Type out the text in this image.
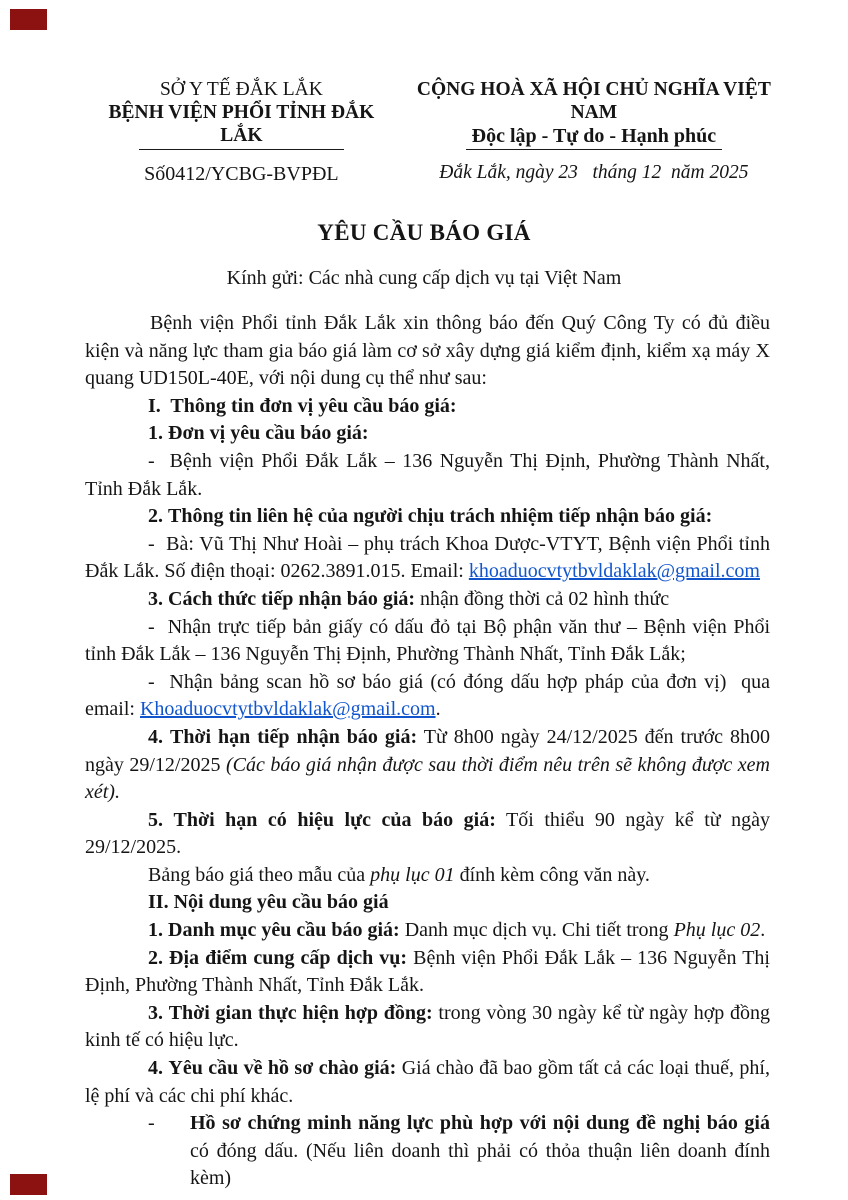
SỞ Y TẾ ĐẮK LẮK
BỆNH VIỆN PHỔI TỈNH ĐẮK LẮK
Số0412/YCBG-BVPĐL
CỘNG HOÀ XÃ HỘI CHỦ NGHĨA VIỆT NAM
Độc lập - Tự do - Hạnh phúc
Đắk Lắk, ngày 23   tháng 12  năm 2025
YÊU CẦU BÁO GIÁ
Kính gửi: Các nhà cung cấp dịch vụ tại Việt Nam

Bệnh viện Phổi tỉnh Đắk Lắk xin thông báo đến Quý Công Ty có đủ điều kiện và năng lực tham gia báo giá làm cơ sở xây dựng giá kiểm định, kiểm xạ máy X quang UD150L-40E, với nội dung cụ thể như sau:

I.  Thông tin đơn vị yêu cầu báo giá:

1. Đơn vị yêu cầu báo giá:

-  Bệnh viện Phổi Đắk Lắk – 136 Nguyễn Thị Định, Phường Thành Nhất, Tỉnh Đắk Lắk.

2. Thông tin liên hệ của người chịu trách nhiệm tiếp nhận báo giá:

-  Bà: Vũ Thị Như Hoài – phụ trách Khoa Dược-VTYT, Bệnh viện Phổi tỉnh Đắk Lắk. Số điện thoại: 0262.3891.015. Email: khoaduocvtytbvldaklak@gmail.com

3. Cách thức tiếp nhận báo giá: nhận đồng thời cả 02 hình thức

-  Nhận trực tiếp bản giấy có dấu đỏ tại Bộ phận văn thư – Bệnh viện Phổi tỉnh Đắk Lắk – 136 Nguyễn Thị Định, Phường Thành Nhất, Tỉnh Đắk Lắk;

-  Nhận bảng scan hồ sơ báo giá (có đóng dấu hợp pháp của đơn vị)  qua email: Khoaduocvtytbvldaklak@gmail.com.

4. Thời hạn tiếp nhận báo giá: Từ 8h00 ngày 24/12/2025 đến trước 8h00 ngày 29/12/2025 (Các báo giá nhận được sau thời điểm nêu trên sẽ không được xem xét).

5. Thời hạn có hiệu lực của báo giá: Tối thiểu 90 ngày kể từ ngày 29/12/2025.

Bảng báo giá theo mẫu của phụ lục 01 đính kèm công văn này.

II. Nội dung yêu cầu báo giá

1. Danh mục yêu cầu báo giá: Danh mục dịch vụ. Chi tiết trong Phụ lục 02.

2. Địa điểm cung cấp dịch vụ: Bệnh viện Phổi Đắk Lắk – 136 Nguyễn Thị Định, Phường Thành Nhất, Tỉnh Đắk Lắk.

3. Thời gian thực hiện hợp đồng: trong vòng 30 ngày kể từ ngày hợp đồng kinh tế có hiệu lực.

4. Yêu cầu về hồ sơ chào giá: Giá chào đã bao gồm tất cả các loại thuế, phí, lệ phí và các chi phí khác.

- Hồ sơ chứng minh năng lực phù hợp với nội dung đề nghị báo giá có đóng dấu. (Nếu liên doanh thì phải có thỏa thuận liên doanh đính kèm)
